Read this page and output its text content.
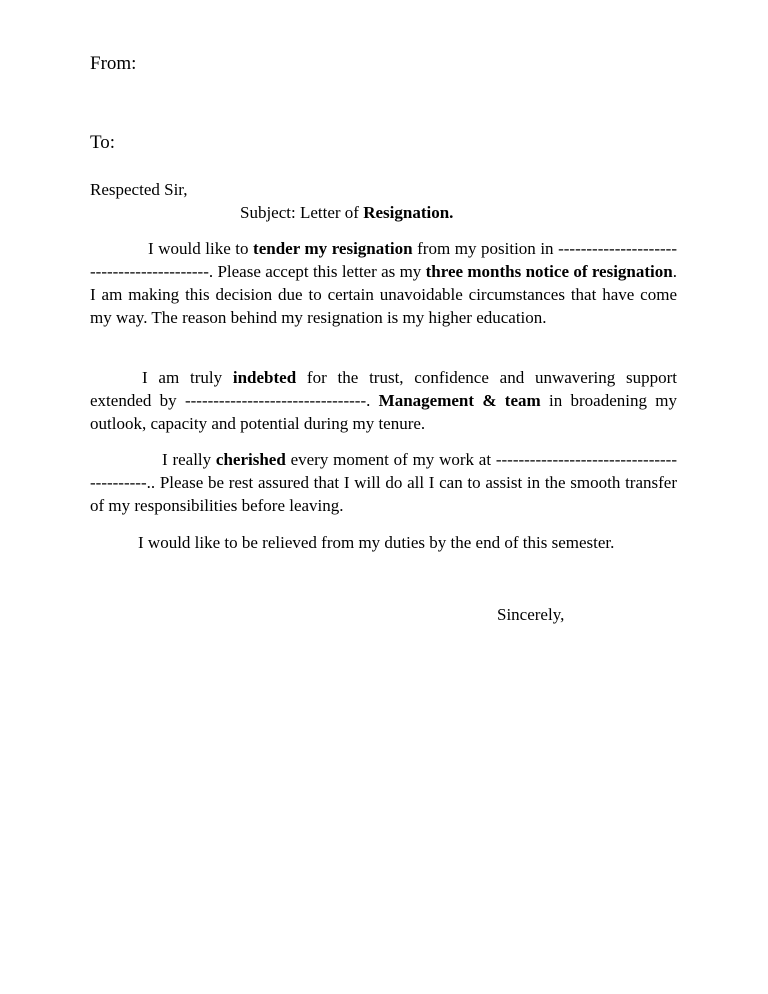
From:
To:
Respected Sir,
Subject: Letter of Resignation.

I would like to tender my resignation from my position in ------------------------------------------. Please accept this letter as my three months notice of resignation. I am making this decision due to certain unavoidable circumstances that have come my way. The reason behind my resignation is my higher education.

I am truly indebted for the trust, confidence and unwavering support extended by --------------------------------. Management & team in broadening my outlook, capacity and potential during my tenure.

I really cherished every moment of my work at ------------------------------------------.. Please be rest assured that I will do all I can to assist in the smooth transfer of my responsibilities before leaving.

I would like to be relieved from my duties by the end of this semester.

Sincerely,
